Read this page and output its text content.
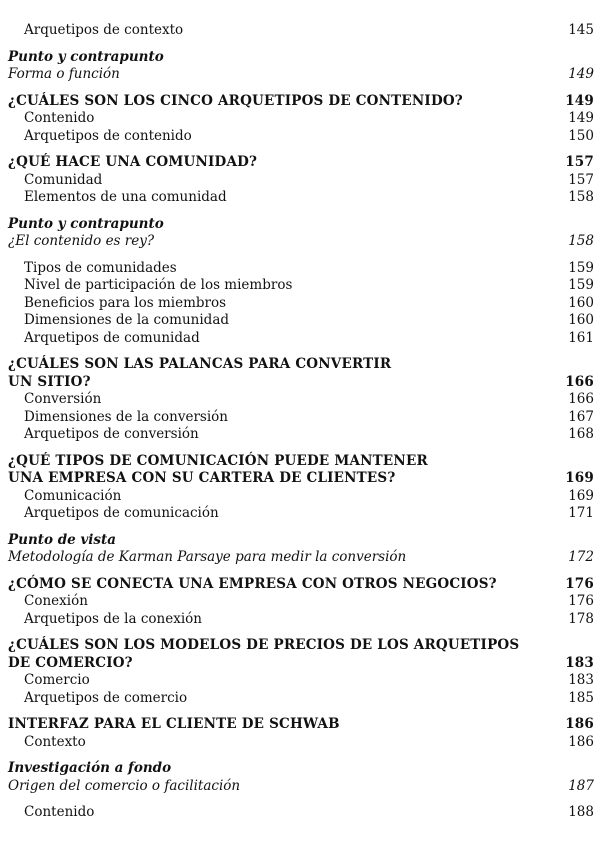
Arquetipos de contexto	145
Punto y contrapunto
Forma o función	149
¿CUÁLES SON LOS CINCO ARQUETIPOS DE CONTENIDO?	149
Contenido	149
Arquetipos de contenido	150
¿QUÉ HACE UNA COMUNIDAD?	157
Comunidad	157
Elementos de una comunidad	158
Punto y contrapunto
¿El contenido es rey?	158
Tipos de comunidades	159
Nivel de participación de los miembros	159
Beneficios para los miembros	160
Dimensiones de la comunidad	160
Arquetipos de comunidad	161
¿CUÁLES SON LAS PALANCAS PARA CONVERTIR
UN SITIO?	166
Conversión	166
Dimensiones de la conversión	167
Arquetipos de conversión	168
¿QUÉ TIPOS DE COMUNICACIÓN PUEDE MANTENER
UNA EMPRESA CON SU CARTERA DE CLIENTES?	169
Comunicación	169
Arquetipos de comunicación	171
Punto de vista
Metodología de Karman Parsaye para medir la conversión	172
¿CÓMO SE CONECTA UNA EMPRESA CON OTROS NEGOCIOS?	176
Conexión	176
Arquetipos de la conexión	178
¿CUÁLES SON LOS MODELOS DE PRECIOS DE LOS ARQUETIPOS
DE COMERCIO?	183
Comercio	183
Arquetipos de comercio	185
INTERFAZ PARA EL CLIENTE DE SCHWAB	186
Contexto	186
Investigación a fondo
Origen del comercio o facilitación	187
Contenido	188
